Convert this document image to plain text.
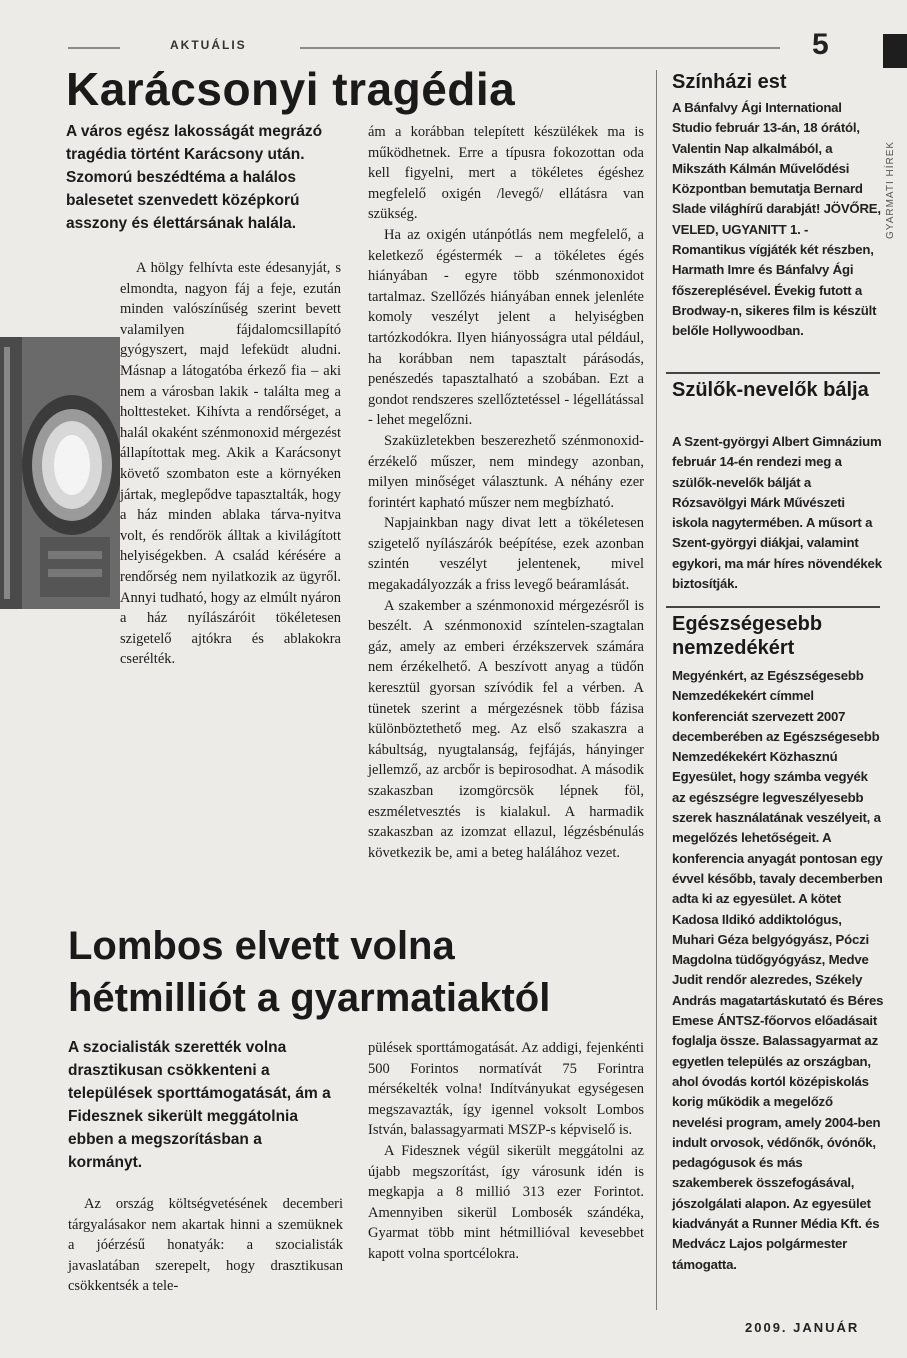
AKTUÁLIS	5
GYARMATI HÍREK
Karácsonyi tragédia
A város egész lakosságát megrázó tragédia történt Karácsony után. Szomorú beszédtéma a halálos balesetet szenvedett középkorú asszony és élettársának halála.

A hölgy felhívta este édesanyját, s elmondta, nagyon fáj a feje, ezután minden valószínűség szerint bevett valamilyen fájdalomcsillapító gyógyszert, majd lefeküdt aludni. Másnap a látogatóba érkező fia – aki nem a városban lakik - találta meg a holttesteket. Kihívta a rendőrséget, a halál okaként szénmonoxid mérgezést állapítottak meg. Akik a Karácsonyt követő szombaton este a környéken jártak, meglepődve tapasztalták, hogy a ház minden ablaka tárva-nyitva volt, és rendőrök álltak a kivilágított helyiségekben. A család kérésére a rendőrség nem nyilatkozik az ügyről. Annyi tudható, hogy az elmúlt nyáron a ház nyílászáróit tökéletesen szigetelő ajtókra és ablakokra cserélték.

ám a korábban telepített készülékek ma is működhetnek. Erre a típusra fokozottan oda kell figyelni, mert a tökéletes égéshez megfelelő oxigén /levegő/ ellátásra van szükség.

Ha az oxigén utánpótlás nem megfelelő, a keletkező égéstermék – a tökéletes égés hiányában - egyre több szénmonoxidot tartalmaz. Szellőzés hiányában ennek jelenléte komoly veszélyt jelent a helyiségben tartózkodókra. Ilyen hiányosságra utal például, ha korábban nem tapasztalt párásodás, penészedés tapasztalható a szobában. Ezt a gondot rendszeres szellőztetéssel - légellátással - lehet megelőzni.

Szaküzletekben beszerezhető szénmonoxid-érzékelő műszer, nem mindegy azonban, milyen minőséget választunk. A néhány ezer forintért kapható műszer nem megbízható.

Napjainkban nagy divat lett a tökéletesen szigetelő nyílászárók beépítése, ezek azonban szintén veszélyt jelentenek, mivel megakadályozzák a friss levegő beáramlását.

A szakember a szénmonoxid mérgezésről is beszélt. A szénmonoxid színtelen-szagtalan gáz, amely az emberi érzékszervek számára nem érzékelhető. A beszívott anyag a tüdőn keresztül gyorsan szívódik fel a vérben. A tünetek szerint a mérgezésnek több fázisa különböztethető meg. Az első szakaszra a kábultság, nyugtalanság, fejfájás, hányinger jellemző, az arcbőr is bepirosodhat. A második szakaszban izomgörcsök lépnek föl, eszméletvesztés is kialakul. A harmadik szakaszban az izomzat ellazul, légzésbénulás következik be, ami a beteg halálához vezet.

Lombos elvett volna
hétmilliót a gyarmatiaktól
A szocialisták szerették volna drasztikusan csökkenteni a települések sporttámogatását, ám a Fidesznek sikerült meggátolnia ebben a megszorításban a kormányt.

Az ország költségvetésének decemberi tárgyalásakor nem akartak hinni a szemüknek a jóérzésű honatyák: a szocialisták javaslatában szerepelt, hogy drasztikusan csökkentsék a tele-

pülések sporttámogatását. Az addigi, fejenkénti 500 Forintos normatívát 75 Forintra mérsékelték volna! Indítványukat egységesen megszavazták, így igennel voksolt Lombos István, balassagyarmati MSZP-s képviselő is.

A Fidesznek végül sikerült meggátolni az újabb megszorítást, így városunk idén is megkapja a 8 millió 313 ezer Forintot. Amennyiben sikerül Lombosék szándéka, Gyarmat több mint hétmillióval kevesebbet kapott volna sportcélokra.

Színházi est
A Bánfalvy Ági International Studio február 13-án, 18 órától, Valentin Nap alkalmából, a Mikszáth Kálmán Művelődési Központban bemutatja Bernard Slade világhírű darabját! JÖVŐRE, VELED, UGYANITT 1. - Romantikus vígjáték két részben, Harmath Imre és Bánfalvy Ági főszereplésével. Évekig futott a Brodway-n, sikeres film is készült belőle Hollywoodban.
Szülők-nevelők bálja
A Szent-györgyi Albert Gimnázium február 14-én rendezi meg a szülők-nevelők bálját a Rózsavölgyi Márk Művészeti iskola nagytermében. A műsort a Szent-györgyi diákjai, valamint egykori, ma már híres növendékek biztosítják.
Egészségesebb nemzedékért
Megyénkért, az Egészségesebb Nemzedékekért címmel konferenciát szervezett 2007 decemberében az Egészségesebb Nemzedékekért Közhasznú Egyesület, hogy számba vegyék az egészségre legveszélyesebb szerek használatának veszélyeit, a megelőzés lehetőségeit. A konferencia anyagát pontosan egy évvel később, tavaly decemberben adta ki az egyesület. A kötet Kadosa Ildikó addiktológus, Muhari Géza belgyógyász, Póczi Magdolna tüdőgyógyász, Medve Judit rendőr alezredes, Székely András magatartáskutató és Béres Emese ÁNTSZ-főorvos előadásait foglalja össze. Balassagyarmat az egyetlen település az országban, ahol óvodás kortól középiskolás korig működik a megelőző nevelési program, amely 2004-ben indult orvosok, védőnők, óvónők, pedagógusok és más szakemberek összefogásával, jószolgálati alapon. Az egyesület kiadványát a Runner Média Kft. és Medvácz Lajos polgármester támogatta.
2009. JANUÁR
